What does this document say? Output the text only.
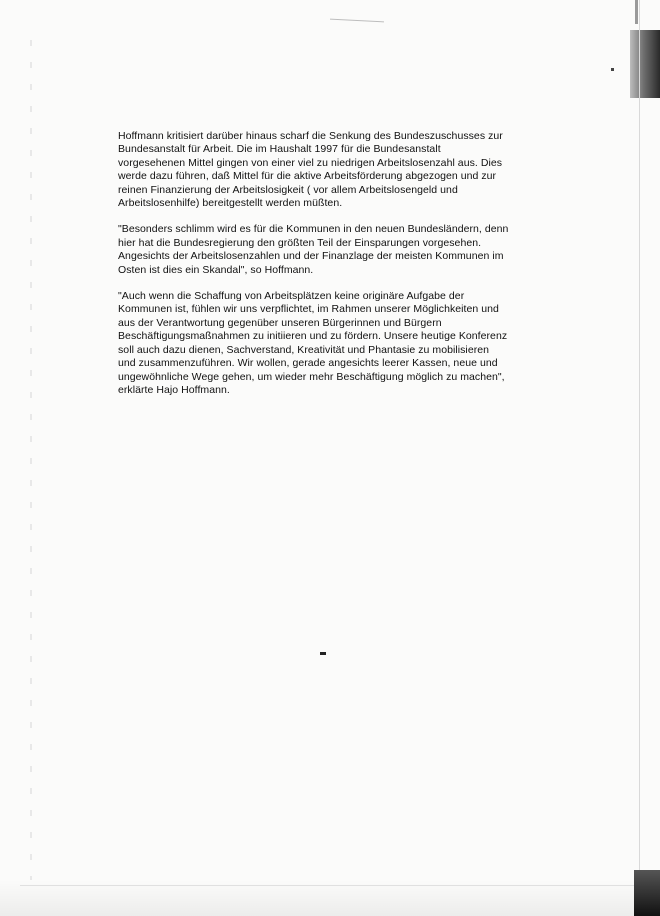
Hoffmann kritisiert darüber hinaus scharf die Senkung des Bundeszuschusses zur
Bundesanstalt für Arbeit. Die im Haushalt 1997 für die Bundesanstalt
vorgesehenen Mittel gingen von einer viel zu niedrigen Arbeitslosenzahl aus. Dies
werde dazu führen, daß Mittel für die aktive Arbeitsförderung abgezogen und zur
reinen Finanzierung der Arbeitslosigkeit ( vor allem Arbeitslosengeld und
Arbeitslosenhilfe) bereitgestellt werden müßten.

"Besonders schlimm wird es für die Kommunen in den neuen Bundesländern, denn
hier hat die Bundesregierung den größten Teil der Einsparungen vorgesehen.
Angesichts der Arbeitslosenzahlen und der Finanzlage der meisten Kommunen im
Osten ist dies ein Skandal", so Hoffmann.

"Auch wenn die Schaffung von Arbeitsplätzen keine originäre Aufgabe der
Kommunen ist, fühlen wir uns verpflichtet, im Rahmen unserer Möglichkeiten und
aus der Verantwortung gegenüber unseren Bürgerinnen und Bürgern
Beschäftigungsmaßnahmen zu initiieren und zu fördern. Unsere heutige Konferenz
soll auch dazu dienen, Sachverstand, Kreativität und Phantasie zu mobilisieren
und zusammenzuführen. Wir wollen, gerade angesichts leerer Kassen, neue und
ungewöhnliche Wege gehen, um wieder mehr Beschäftigung möglich zu machen",
erklärte Hajo Hoffmann.
